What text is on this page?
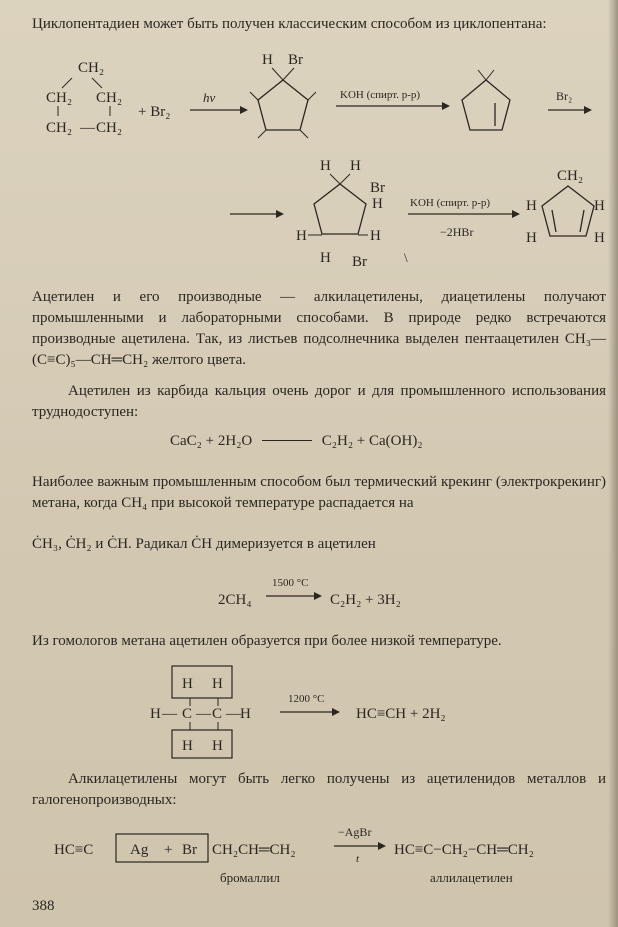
Циклопентадиен может быть получен классическим способом из циклопентана:
CH₂
CH₂ CH₂
CH₂ — CH₂
+ Br₂
hν
H Br
KOH (спирт. р-р)	Br₂
H H
Br
H
H	H
H Br	\
KOH (спирт. р-р)
−2HBr
CH₂
H	H
H	H
Ацетилен и его производные — алкилацетилены, диацетилены получают промышленными и лабораторными способами. В природе редко встречаются производные ацетилена. Так, из листьев подсолнечника выделен пентаацетилен CH₃—(C≡C)₅—CH═CH₂ желтого цвета.
Ацетилен из карбида кальция очень дорог и для промышленного использования труднодоступен:
CaC₂ + 2H₂O	C₂H₂ + Ca(OH)₂
Наиболее важным промышленным способом был термический крекинг (электрокрекинг) метана, когда CH₄ при высокой температуре распадается на
ĊH₃, ĊH₂ и ĊH. Радикал ĊH димеризуется в ацетилен
2CH₄
1500 °C
C₂H₂ + 3H₂
Из гомологов метана ацетилен образуется при более низкой температуре.
H H
H — C — C — H
H H
1200 °C
HC≡CH + 2H₂
Алкилацетилены могут быть легко получены из ацетиленидов металлов и галогенопроизводных:
HC≡C Ag + Br CH₂CH═CH₂
−AgBr
t
HC≡C−CH₂−CH═CH₂
бромаллил	аллилацетилен
388
